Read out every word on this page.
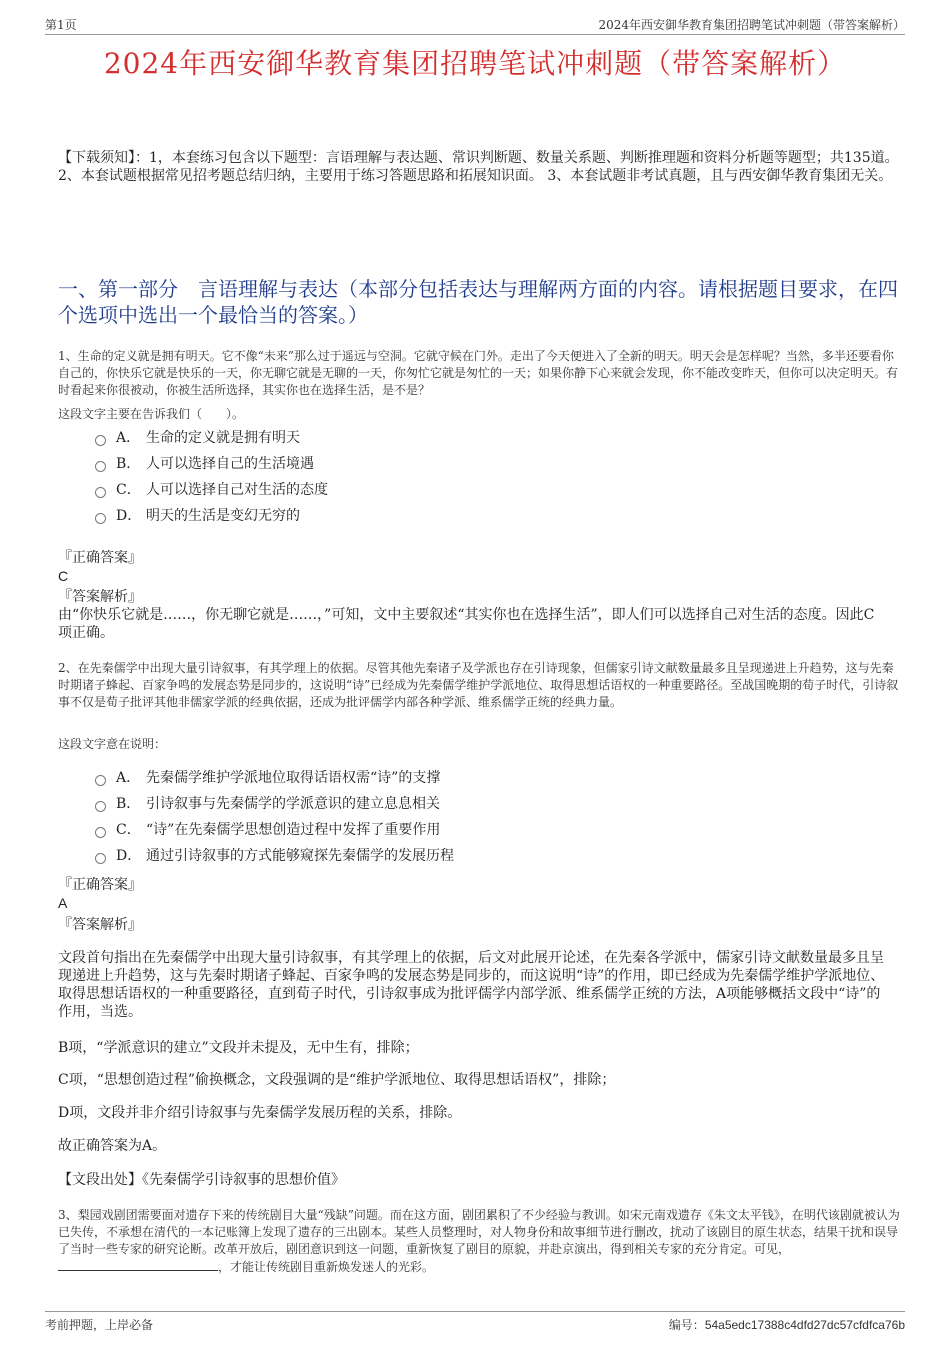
第1页	2024年西安御华教育集团招聘笔试冲刺题（带答案解析）
2024年西安御华教育集团招聘笔试冲刺题（带答案解析）
【下载须知】：1，本套练习包含以下题型：言语理解与表达题、常识判断题、数量关系题、判断推理题和资料分析题等题型；共135道。 2、本套试题根据常见招考题总结归纳，主要用于练习答题思路和拓展知识面。 3、本套试题非考试真题，且与西安御华教育集团无关。
一、第一部分　言语理解与表达（本部分包括表达与理解两方面的内容。请根据题目要求，在四个选项中选出一个最恰当的答案。）
1、生命的定义就是拥有明天。它不像“未来”那么过于遥远与空洞。它就守候在门外。走出了今天便进入了全新的明天。明天会是怎样呢？当然，多半还要看你自己的，你快乐它就是快乐的一天，你无聊它就是无聊的一天，你匆忙它就是匆忙的一天；如果你静下心来就会发现，你不能改变昨天，但你可以决定明天。有时看起来你很被动，你被生活所选择，其实你也在选择生活，是不是？
这段文字主要在告诉我们（　　）。
A． 生命的定义就是拥有明天
B． 人可以选择自己的生活境遇
C． 人可以选择自己对生活的态度
D． 明天的生活是变幻无穷的
『正确答案』
C
『答案解析』
由“你快乐它就是……，你无聊它就是……，”可知，文中主要叙述“其实你也在选择生活”，即人们可以选择自己对生活的态度。因此C项正确。
2、在先秦儒学中出现大量引诗叙事，有其学理上的依据。尽管其他先秦诸子及学派也存在引诗现象，但儒家引诗文献数量最多且呈现递进上升趋势，这与先秦时期诸子蜂起、百家争鸣的发展态势是同步的，这说明“诗”已经成为先秦儒学维护学派地位、取得思想话语权的一种重要路径。至战国晚期的荀子时代，引诗叙事不仅是荀子批评其他非儒家学派的经典依据，还成为批评儒学内部各种学派、维系儒学正统的经典力量。
这段文字意在说明：
A． 先秦儒学维护学派地位取得话语权需“诗”的支撑
B． 引诗叙事与先秦儒学的学派意识的建立息息相关
C． “诗”在先秦儒学思想创造过程中发挥了重要作用
D． 通过引诗叙事的方式能够窥探先秦儒学的发展历程
『正确答案』
A
『答案解析』
文段首句指出在先秦儒学中出现大量引诗叙事，有其学理上的依据，后文对此展开论述，在先秦各学派中，儒家引诗文献数量最多且呈现递进上升趋势，这与先秦时期诸子蜂起、百家争鸣的发展态势是同步的，而这说明“诗”的作用，即已经成为先秦儒学维护学派地位、取得思想话语权的一种重要路径，直到荀子时代，引诗叙事成为批评儒学内部学派、维系儒学正统的方法，A项能够概括文段中“诗”的作用，当选。
B项，“学派意识的建立”文段并未提及，无中生有，排除；
C项，“思想创造过程”偷换概念，文段强调的是“维护学派地位、取得思想话语权”，排除；
D项，文段并非介绍引诗叙事与先秦儒学发展历程的关系，排除。
故正确答案为A。
【文段出处】《先秦儒学引诗叙事的思想价值》
3、梨园戏剧团需要面对遗存下来的传统剧目大量“残缺”问题。而在这方面，剧团累积了不少经验与教训。如宋元南戏遗存《朱文太平钱》，在明代该剧就被认为已失传，不承想在清代的一本记账簿上发现了遗存的三出剧本。某些人员整理时，对人物身份和故事细节进行删改，扰动了该剧目的原生状态，结果干扰和误导了当时一些专家的研究论断。改革开放后，剧团意识到这一问题，重新恢复了剧目的原貌，并赴京演出，得到相关专家的充分肯定。可见，，才能让传统剧目重新焕发迷人的光彩。
考前押题，上岸必备	编号：54a5edc17388c4dfd27dc57cfdfca76b
